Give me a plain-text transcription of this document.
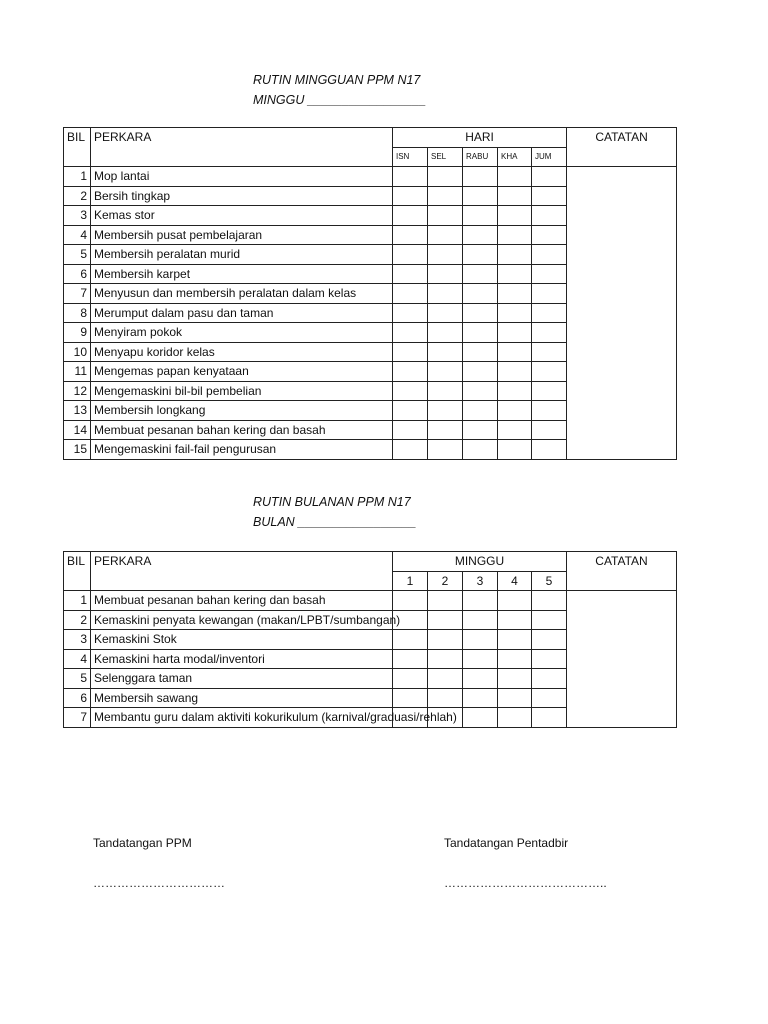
RUTIN MINGGUAN PPM N17
MINGGU _________________
BIL	PERKARA	HARI					CATATAN
		ISN	SEL	RABU	KHA	JUM	
1	Mop lantai						
2	Bersih tingkap						
3	Kemas stor						
4	Membersih pusat pembelajaran						
5	Membersih peralatan murid						
6	Membersih karpet						
7	Menyusun dan membersih peralatan dalam kelas						
8	Merumput dalam pasu dan taman						
9	Menyiram pokok						
10	Menyapu koridor kelas						
11	Mengemas papan kenyataan						
12	Mengemaskini bil-bil pembelian						
13	Membersih longkang						
14	Membuat pesanan bahan kering dan basah						
15	Mengemaskini fail-fail pengurusan						
RUTIN BULANAN PPM N17
BULAN _________________
BIL	PERKARA	MINGGU					CATATAN
		1	2	3	4	5	
1	Membuat pesanan bahan kering dan basah						
2	Kemaskini penyata kewangan (makan/LPBT/sumbangan)						
3	Kemaskini Stok						
4	Kemaskini harta modal/inventori						
5	Selenggara taman						
6	Membersih sawang						
7	Membantu guru dalam aktiviti kokurikulum (karnival/graduasi/rehlah)						
Tandatangan PPM
……………………………
Tandatangan Pentadbir
…………………………………..
